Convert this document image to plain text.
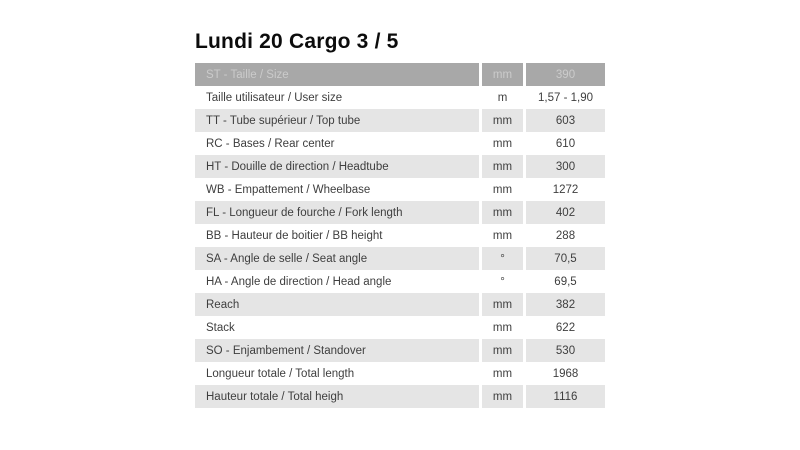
Lundi 20 Cargo 3 / 5
ST - Taille / Size	mm	390
Taille utilisateur / User size	m	1,57 - 1,90
TT - Tube supérieur / Top tube	mm	603
RC - Bases / Rear center	mm	610
HT - Douille de direction / Headtube	mm	300
WB - Empattement / Wheelbase	mm	1272
FL - Longueur de fourche / Fork length	mm	402
BB - Hauteur de boitier / BB height	mm	288
SA - Angle de selle / Seat angle	°	70,5
HA - Angle de direction / Head angle	°	69,5
Reach	mm	382
Stack	mm	622
SO - Enjambement / Standover	mm	530
Longueur totale / Total length	mm	1968
Hauteur totale / Total heigh	mm	1116
